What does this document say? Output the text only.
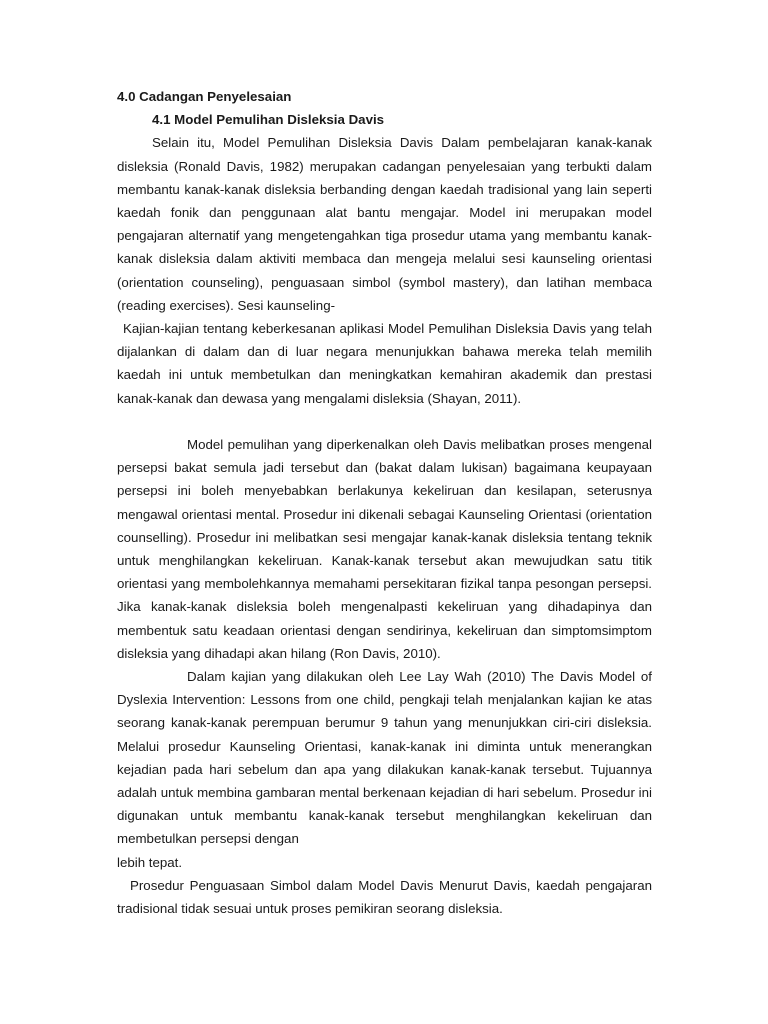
4.0 Cadangan Penyelesaian
4.1 Model Pemulihan Disleksia Davis

Selain itu, Model Pemulihan Disleksia Davis Dalam pembelajaran kanak-kanak disleksia (Ronald Davis, 1982) merupakan cadangan penyelesaian yang terbukti dalam membantu kanak-kanak disleksia berbanding dengan kaedah tradisional yang lain seperti kaedah fonik dan penggunaan alat bantu mengajar. Model ini merupakan model pengajaran alternatif yang mengetengahkan tiga prosedur utama yang membantu kanak-kanak disleksia dalam aktiviti membaca dan mengeja melalui sesi kaunseling orientasi (orientation counseling), penguasaan simbol (symbol mastery), dan latihan membaca (reading exercises). Sesi kaunseling-

Kajian-kajian tentang keberkesanan aplikasi Model Pemulihan Disleksia Davis yang telah dijalankan di dalam dan di luar negara menunjukkan bahawa mereka telah memilih kaedah ini untuk membetulkan dan meningkatkan kemahiran akademik dan prestasi kanak-kanak dan dewasa yang mengalami disleksia (Shayan, 2011).

Model pemulihan yang diperkenalkan oleh Davis melibatkan proses mengenal persepsi bakat semula jadi tersebut dan (bakat dalam lukisan) bagaimana keupayaan persepsi ini boleh menyebabkan berlakunya kekeliruan dan kesilapan, seterusnya mengawal orientasi mental. Prosedur ini dikenali sebagai Kaunseling Orientasi (orientation counselling). Prosedur ini melibatkan sesi mengajar kanak-kanak disleksia tentang teknik untuk menghilangkan kekeliruan. Kanak-kanak tersebut akan mewujudkan satu titik orientasi yang membolehkannya memahami persekitaran fizikal tanpa pesongan persepsi. Jika kanak-kanak disleksia boleh mengenalpasti kekeliruan yang dihadapinya dan membentuk satu keadaan orientasi dengan sendirinya, kekeliruan dan simptomsimptom disleksia yang dihadapi akan hilang (Ron Davis, 2010).

Dalam kajian yang dilakukan oleh Lee Lay Wah (2010) The Davis Model of Dyslexia Intervention: Lessons from one child, pengkaji telah menjalankan kajian ke atas seorang kanak-kanak perempuan berumur 9 tahun yang menunjukkan ciri-ciri disleksia. Melalui prosedur Kaunseling Orientasi, kanak-kanak ini diminta untuk menerangkan kejadian pada hari sebelum dan apa yang dilakukan kanak-kanak tersebut. Tujuannya adalah untuk membina gambaran mental berkenaan kejadian di hari sebelum. Prosedur ini digunakan untuk membantu kanak-kanak tersebut menghilangkan kekeliruan dan membetulkan persepsi dengan

lebih tepat.

Prosedur Penguasaan Simbol dalam Model Davis Menurut Davis, kaedah pengajaran tradisional tidak sesuai untuk proses pemikiran seorang disleksia.
